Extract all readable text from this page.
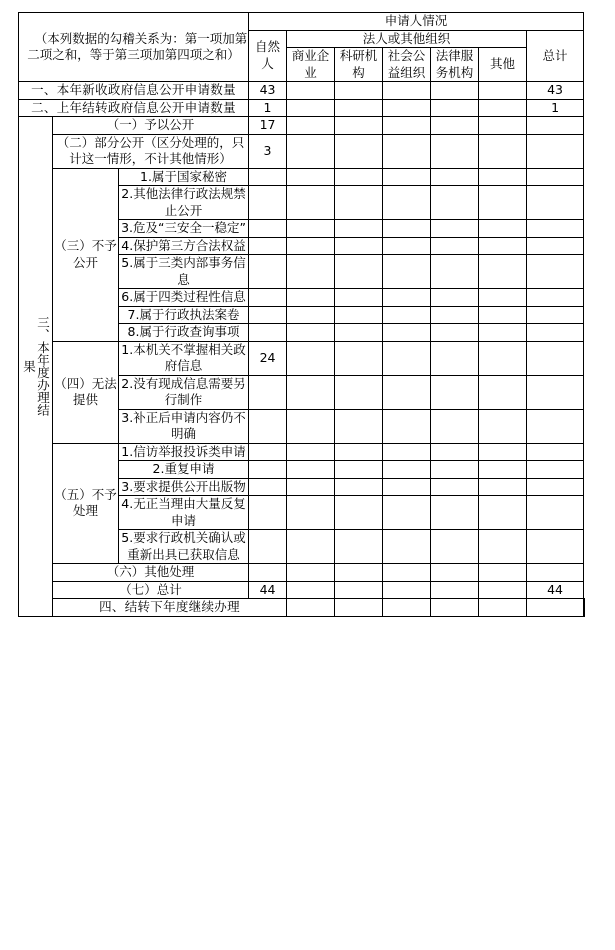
（本列数据的勾稽关系为：第一项加第二项之和，等于第三项加第四项之和）			申请人情况							
			自然人	法人或其他组织					总计	
				商业企业	科研机构	社会公益组织	法律服务机构	其他		
一、本年新收政府信息公开申请数量			43						43	
二、上年结转政府信息公开申请数量			1						1	

三、本年度办理结果	（一）予以公开		17							
	（二）部分公开（区分处理的，只计这一情形，不计其他情形）		3							
	（三）不予公开	1.属于国家秘密								
		2.其他法律行政法规禁止公开								
		3.危及“三安全一稳定”								
		4.保护第三方合法权益								
		5.属于三类内部事务信息								
		6.属于四类过程性信息								
		7.属于行政执法案卷								
		8.属于行政查询事项								
	（四）无法提供	1.本机关不掌握相关政府信息	24							
		2.没有现成信息需要另行制作								
		3.补正后申请内容仍不明确								
	（五）不予处理	1.信访举报投诉类申请								
		2.重复申请								
		3.要求提供公开出版物								
		4.无正当理由大量反复申请								
		5.要求行政机关确认或重新出具已获取信息								
	（六）其他处理									
	（七）总计		44						44	
	四、结转下年度继续办理									
